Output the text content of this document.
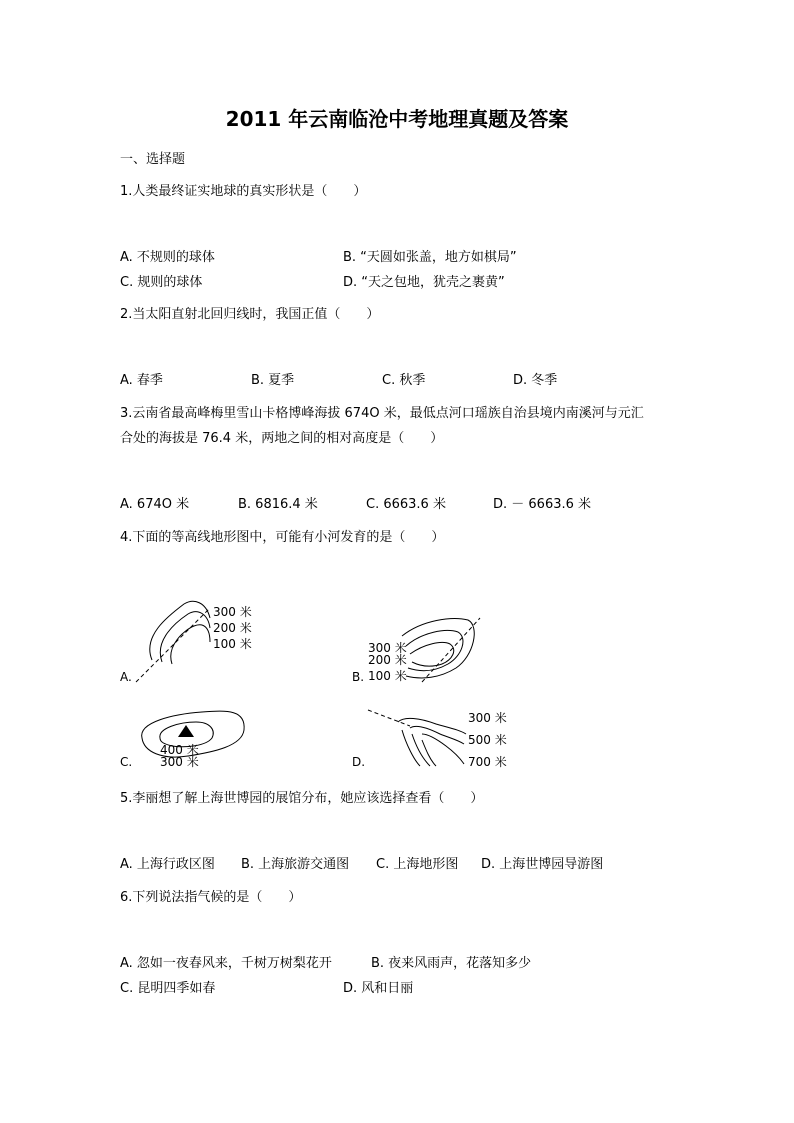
2011 年云南临沧中考地理真题及答案
一、选择题
1.人类最终证实地球的真实形状是（　　）
A. 不规则的球体	B. “天圆如张盖，地方如棋局”
C. 规则的球体	D. “天之包地，犹壳之裹黄”
2.当太阳直射北回归线时，我国正值（　　）
A. 春季	B. 夏季	C. 秋季	D. 冬季
3.云南省最高峰梅里雪山卡格博峰海拔 674O 米，最低点河口瑶族自治县境内南溪河与元汇
合处的海拔是 76.4 米，两地之间的相对高度是（　　）
A. 674O 米	B. 6816.4 米	C. 6663.6 米	D. － 6663.6 米
4.下面的等高线地形图中，可能有小河发育的是（　　）
300 米
200 米
100 米
A.
300 米
200 米
100 米
B.
400 米
300 米
C.
300 米
500 米
700 米
D.
5.李丽想了解上海世博园的展馆分布，她应该选择查看（　　）
A. 上海行政区图 B. 上海旅游交通图 C. 上海地形图 D. 上海世博园导游图
6.下列说法指气候的是（　　）
A. 忽如一夜春风来，千树万树梨花开	B. 夜来风雨声，花落知多少
C. 昆明四季如春	D. 风和日丽
